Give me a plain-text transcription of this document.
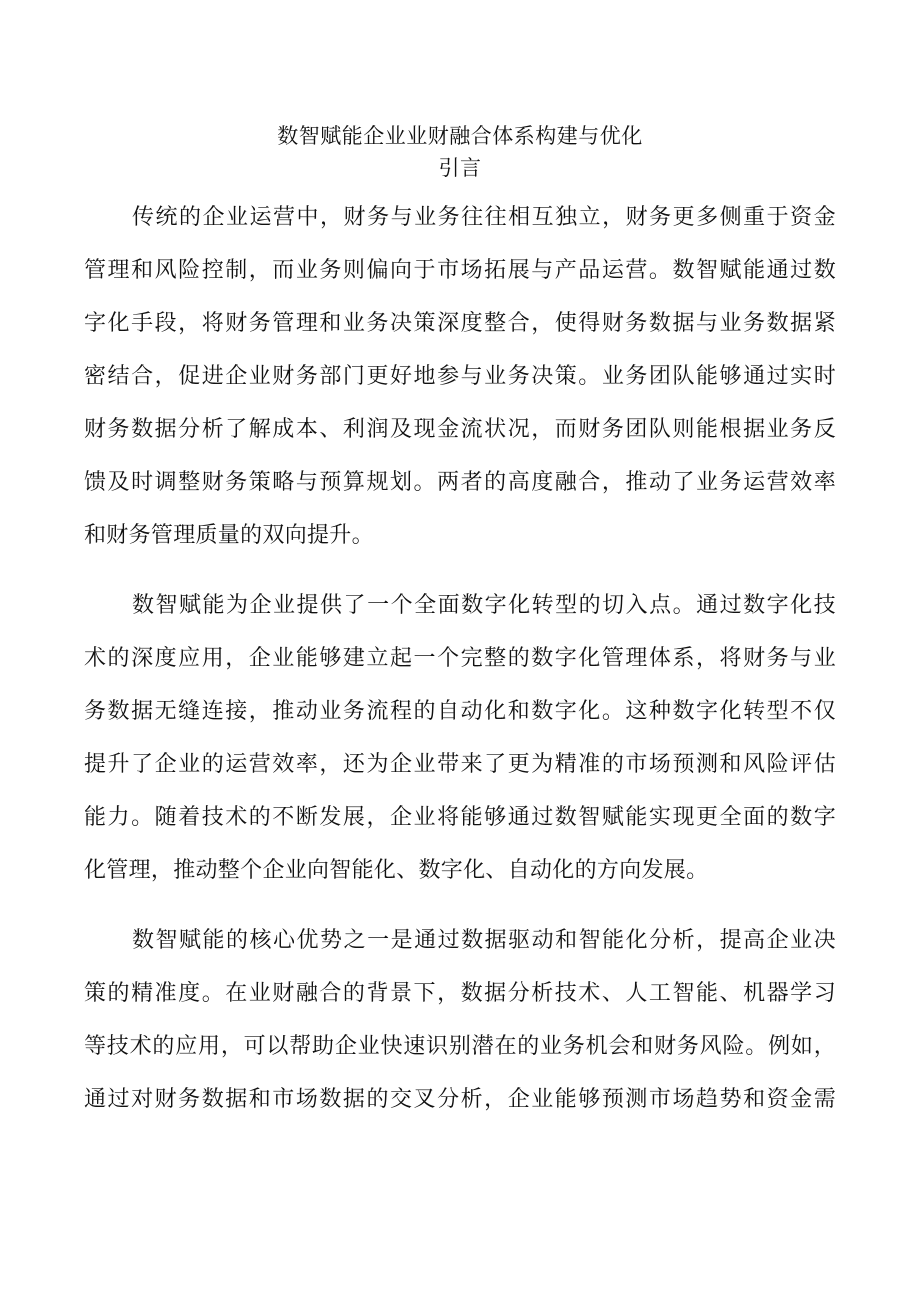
数智赋能企业业财融合体系构建与优化
引言
传统的企业运营中，财务与业务往往相互独立，财务更多侧重于资金
管理和风险控制，而业务则偏向于市场拓展与产品运营。数智赋能通过数
字化手段，将财务管理和业务决策深度整合，使得财务数据与业务数据紧
密结合，促进企业财务部门更好地参与业务决策。业务团队能够通过实时
财务数据分析了解成本、利润及现金流状况，而财务团队则能根据业务反
馈及时调整财务策略与预算规划。两者的高度融合，推动了业务运营效率
和财务管理质量的双向提升。
数智赋能为企业提供了一个全面数字化转型的切入点。通过数字化技
术的深度应用，企业能够建立起一个完整的数字化管理体系，将财务与业
务数据无缝连接，推动业务流程的自动化和数字化。这种数字化转型不仅
提升了企业的运营效率，还为企业带来了更为精准的市场预测和风险评估
能力。随着技术的不断发展，企业将能够通过数智赋能实现更全面的数字
化管理，推动整个企业向智能化、数字化、自动化的方向发展。
数智赋能的核心优势之一是通过数据驱动和智能化分析，提高企业决
策的精准度。在业财融合的背景下，数据分析技术、人工智能、机器学习
等技术的应用，可以帮助企业快速识别潜在的业务机会和财务风险。例如，
通过对财务数据和市场数据的交叉分析，企业能够预测市场趋势和资金需
